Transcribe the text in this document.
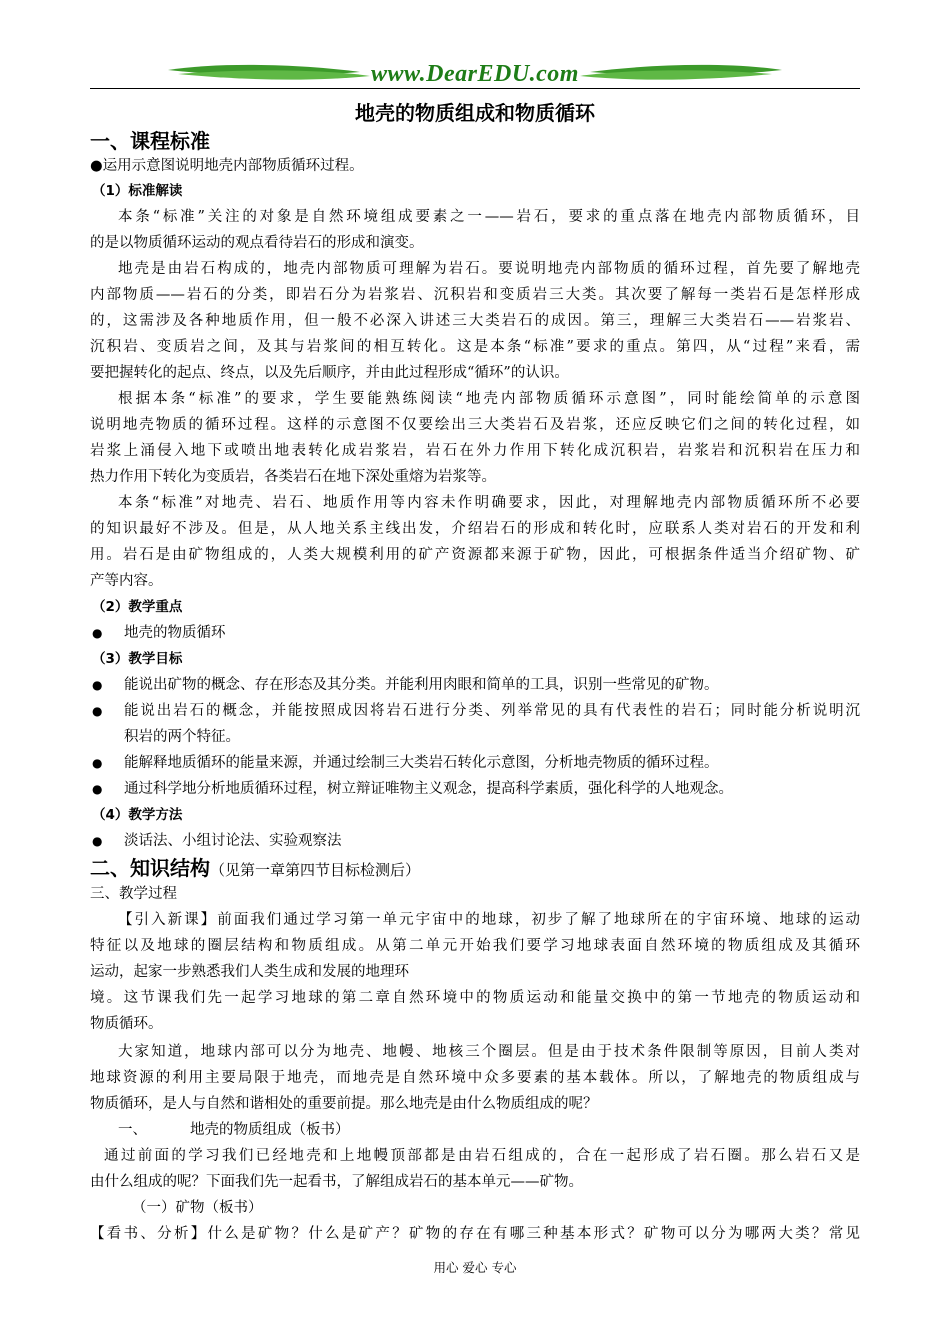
www.DearEDU.com
地壳的物质组成和物质循环
一、课程标准
●运用示意图说明地壳内部物质循环过程。
（1）标准解读
本条“标准”关注的对象是自然环境组成要素之一——岩石，要求的重点落在地壳内部物质循环，目
的是以物质循环运动的观点看待岩石的形成和演变。
地壳是由岩石构成的，地壳内部物质可理解为岩石。要说明地壳内部物质的循环过程，首先要了解地壳
内部物质——岩石的分类，即岩石分为岩浆岩、沉积岩和变质岩三大类。其次要了解每一类岩石是怎样形成
的，这需涉及各种地质作用，但一般不必深入讲述三大类岩石的成因。第三，理解三大类岩石——岩浆岩、
沉积岩、变质岩之间，及其与岩浆间的相互转化。这是本条“标准”要求的重点。第四，从“过程”来看，需
要把握转化的起点、终点，以及先后顺序，并由此过程形成“循环”的认识。
根据本条“标准”的要求，学生要能熟练阅读“地壳内部物质循环示意图”，同时能绘简单的示意图
说明地壳物质的循环过程。这样的示意图不仅要绘出三大类岩石及岩浆，还应反映它们之间的转化过程，如
岩浆上涌侵入地下或喷出地表转化成岩浆岩，岩石在外力作用下转化成沉积岩，岩浆岩和沉积岩在压力和
热力作用下转化为变质岩，各类岩石在地下深处重熔为岩浆等。
本条“标准”对地壳、岩石、地质作用等内容未作明确要求，因此，对理解地壳内部物质循环所不必要
的知识最好不涉及。但是，从人地关系主线出发，介绍岩石的形成和转化时，应联系人类对岩石的开发和利
用。岩石是由矿物组成的，人类大规模利用的矿产资源都来源于矿物，因此，可根据条件适当介绍矿物、矿
产等内容。
（2）教学重点
● 地壳的物质循环
（3）教学目标
● 能说出矿物的概念、存在形态及其分类。并能利用肉眼和简单的工具，识别一些常见的矿物。
● 能说出岩石的概念，并能按照成因将岩石进行分类、列举常见的具有代表性的岩石；同时能分析说明沉
积岩的两个特征。
● 能解释地质循环的能量来源，并通过绘制三大类岩石转化示意图，分析地壳物质的循环过程。
● 通过科学地分析地质循环过程，树立辩证唯物主义观念，提高科学素质，强化科学的人地观念。
（4）教学方法
● 淡话法、小组讨论法、实验观察法
二、知识结构（见第一章第四节目标检测后）
三、教学过程
【引入新课】前面我们通过学习第一单元宇宙中的地球，初步了解了地球所在的宇宙环境、地球的运动
特征以及地球的圈层结构和物质组成。从第二单元开始我们要学习地球表面自然环境的物质组成及其循环
运动，起家一步熟悉我们人类生成和发展的地理环
境。这节课我们先一起学习地球的第二章自然环境中的物质运动和能量交换中的第一节地壳的物质运动和
物质循环。
大家知道，地球内部可以分为地壳、地幔、地核三个圈层。但是由于技术条件限制等原因，目前人类对
地球资源的利用主要局限于地壳，而地壳是自然环境中众多要素的基本载体。所以，了解地壳的物质组成与
物质循环，是人与自然和谐相处的重要前提。那么地壳是由什么物质组成的呢？
一、	地壳的物质组成（板书）
通过前面的学习我们已经地壳和上地幔顶部都是由岩石组成的，合在一起形成了岩石圈。那么岩石又是
由什么组成的呢？下面我们先一起看书，了解组成岩石的基本单元——矿物。
（一）矿物（板书）
【看书、分析】什么是矿物？什么是矿产？矿物的存在有哪三种基本形式？矿物可以分为哪两大类？常见
用心 爱心 专心
